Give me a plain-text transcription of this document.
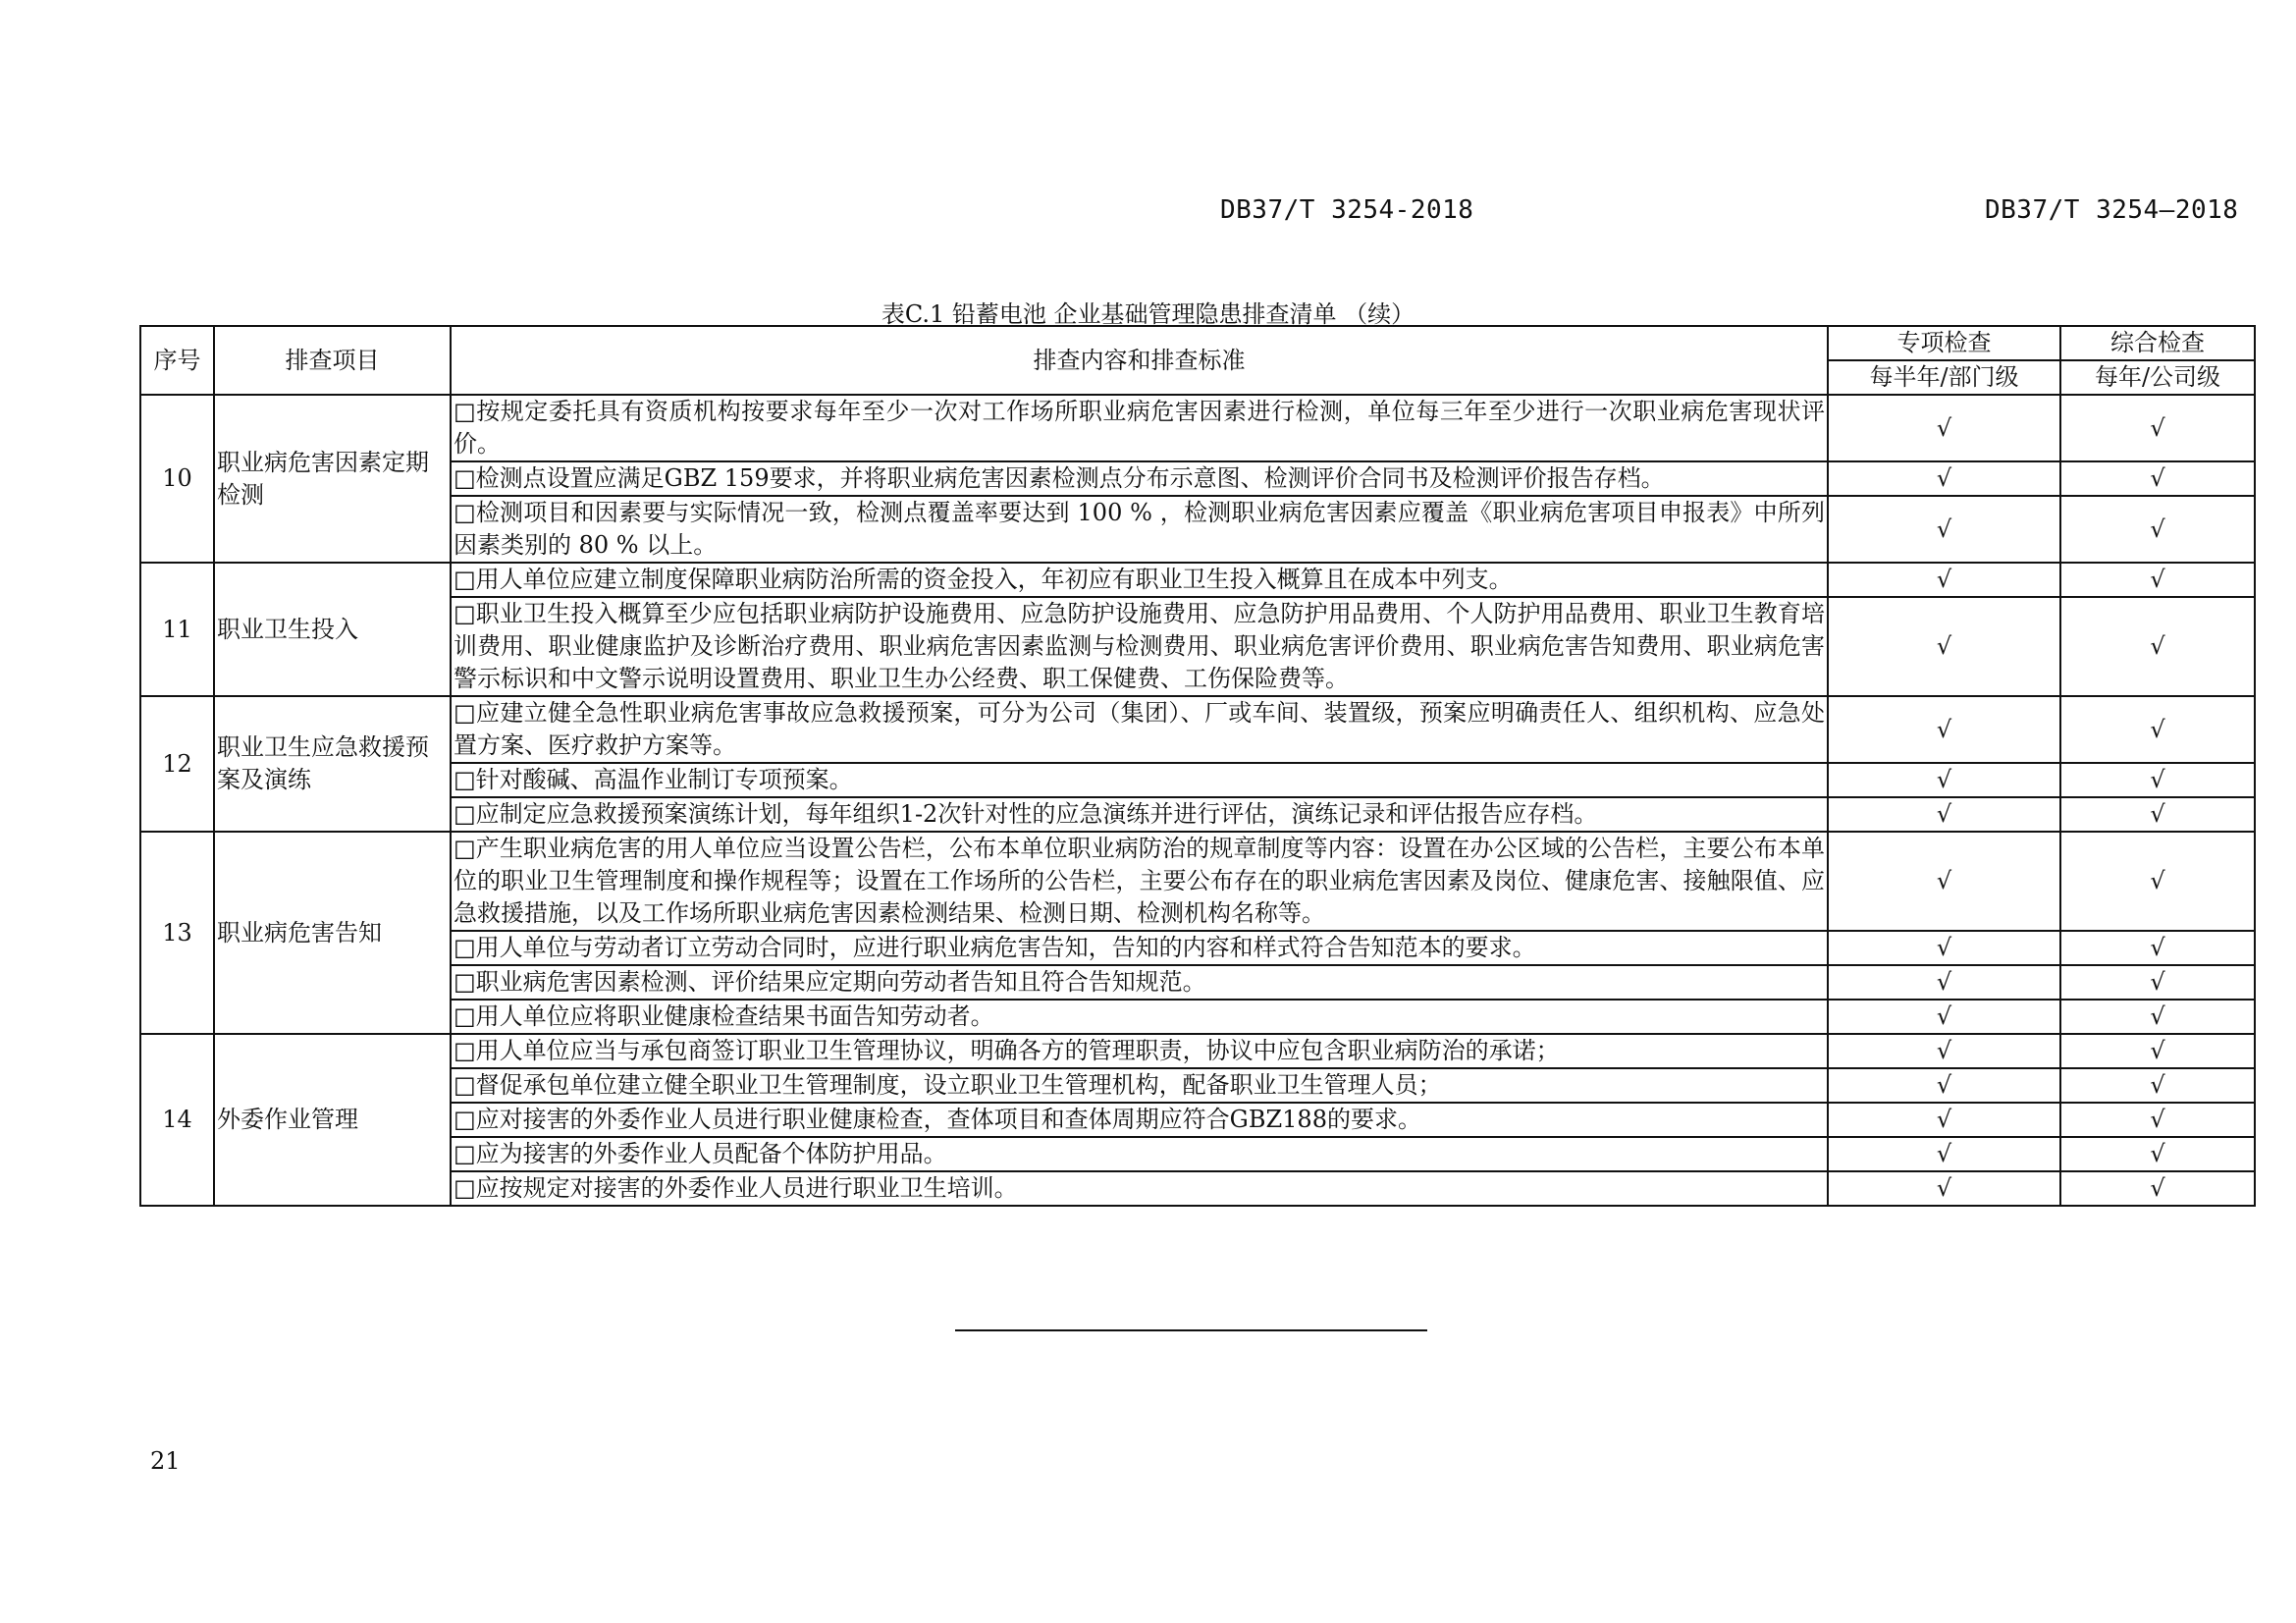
DB37/T 3254-2018	DB37/T 3254—2018
表C.1 铅蓄电池 企业基础管理隐患排查清单 （续）
序号	排查项目	排查内容和排查标准	专项检查	综合检查
			每半年/部门级	每年/公司级
10	职业病危害因素定期检测	□按规定委托具有资质机构按要求每年至少一次对工作场所职业病危害因素进行检测，单位每三年至少进行一次职业病危害现状评价。	√	√
		□检测点设置应满足GBZ 159要求，并将职业病危害因素检测点分布示意图、检测评价合同书及检测评价报告存档。	√	√
		□检测项目和因素要与实际情况一致，检测点覆盖率要达到 100 % ，检测职业病危害因素应覆盖《职业病危害项目申报表》中所列因素类别的 80 % 以上。	√	√
11	职业卫生投入	□用人单位应建立制度保障职业病防治所需的资金投入，年初应有职业卫生投入概算且在成本中列支。	√	√
		□职业卫生投入概算至少应包括职业病防护设施费用、应急防护设施费用、应急防护用品费用、个人防护用品费用、职业卫生教育培训费用、职业健康监护及诊断治疗费用、职业病危害因素监测与检测费用、职业病危害评价费用、职业病危害告知费用、职业病危害警示标识和中文警示说明设置费用、职业卫生办公经费、职工保健费、工伤保险费等。	√	√
12	职业卫生应急救援预案及演练	□应建立健全急性职业病危害事故应急救援预案，可分为公司（集团）、厂或车间、装置级，预案应明确责任人、组织机构、应急处置方案、医疗救护方案等。	√	√
		□针对酸碱、高温作业制订专项预案。	√	√
		□应制定应急救援预案演练计划，每年组织1-2次针对性的应急演练并进行评估，演练记录和评估报告应存档。	√	√
13	职业病危害告知	□产生职业病危害的用人单位应当设置公告栏，公布本单位职业病防治的规章制度等内容：设置在办公区域的公告栏，主要公布本单位的职业卫生管理制度和操作规程等；设置在工作场所的公告栏，主要公布存在的职业病危害因素及岗位、健康危害、接触限值、应急救援措施，以及工作场所职业病危害因素检测结果、检测日期、检测机构名称等。	√	√
		□用人单位与劳动者订立劳动合同时，应进行职业病危害告知，告知的内容和样式符合告知范本的要求。	√	√
		□职业病危害因素检测、评价结果应定期向劳动者告知且符合告知规范。	√	√
		□用人单位应将职业健康检查结果书面告知劳动者。	√	√
14	外委作业管理	□用人单位应当与承包商签订职业卫生管理协议，明确各方的管理职责，协议中应包含职业病防治的承诺；	√	√
		□督促承包单位建立健全职业卫生管理制度，设立职业卫生管理机构，配备职业卫生管理人员；	√	√
		□应对接害的外委作业人员进行职业健康检查，查体项目和查体周期应符合GBZ188的要求。	√	√
		□应为接害的外委作业人员配备个体防护用品。	√	√
		□应按规定对接害的外委作业人员进行职业卫生培训。	√	√
21
